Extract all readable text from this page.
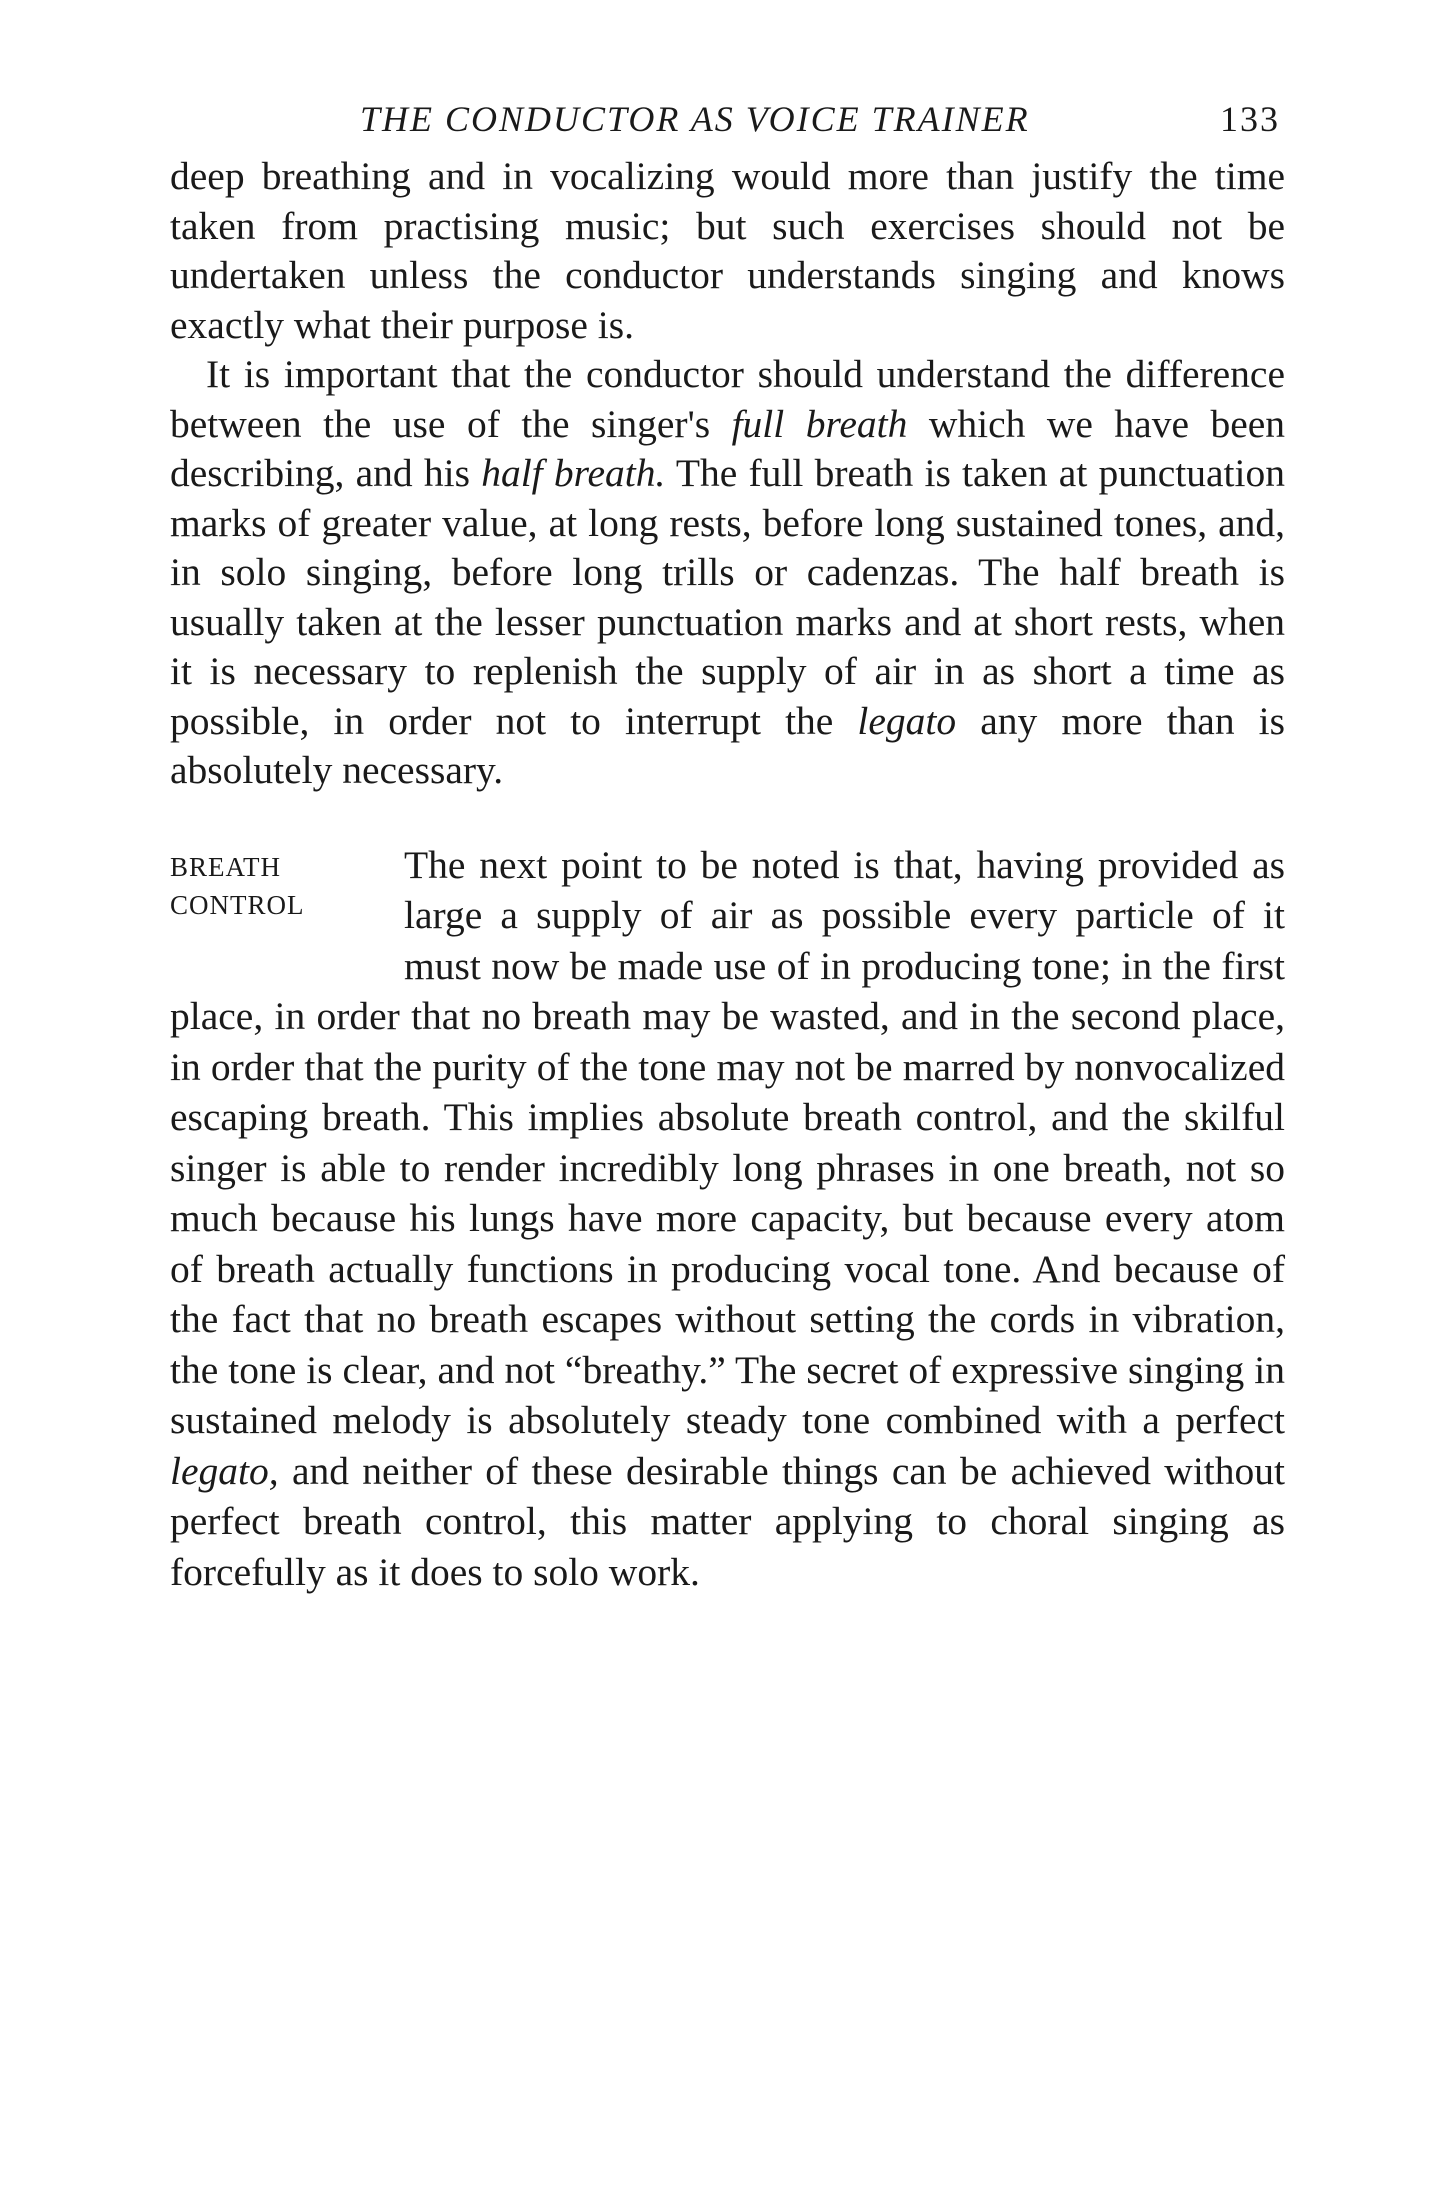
THE CONDUCTOR AS VOICE TRAINER	133

deep breathing and in vocalizing would more than justify the time taken from practising music; but such exercises should not be undertaken unless the conductor understands singing and knows exactly what their purpose is.

It is important that the conductor should understand the difference between the use of the singer's full breath which we have been describing, and his half breath. The full breath is taken at punctuation marks of greater value, at long rests, before long sustained tones, and, in solo singing, before long trills or cadenzas. The half breath is usually taken at the lesser punctuation marks and at short rests, when it is necessary to replenish the supply of air in as short a time as possible, in order not to interrupt the legato any more than is absolutely necessary.

BREATH
CONTROL

The next point to be noted is that, having provided as large a supply of air as possible every particle of it must now be made use of in producing tone; in the first place, in order that no breath may be wasted, and in the second place, in order that the purity of the tone may not be marred by nonvocalized escaping breath. This implies absolute breath control, and the skilful singer is able to render incredibly long phrases in one breath, not so much because his lungs have more capacity, but because every atom of breath actually functions in producing vocal tone. And because of the fact that no breath escapes without setting the cords in vibration, the tone is clear, and not “breathy.” The secret of expressive singing in sustained melody is absolutely steady tone combined with a perfect legato, and neither of these desirable things can be achieved without perfect breath control, this matter applying to choral singing as forcefully as it does to solo work.
